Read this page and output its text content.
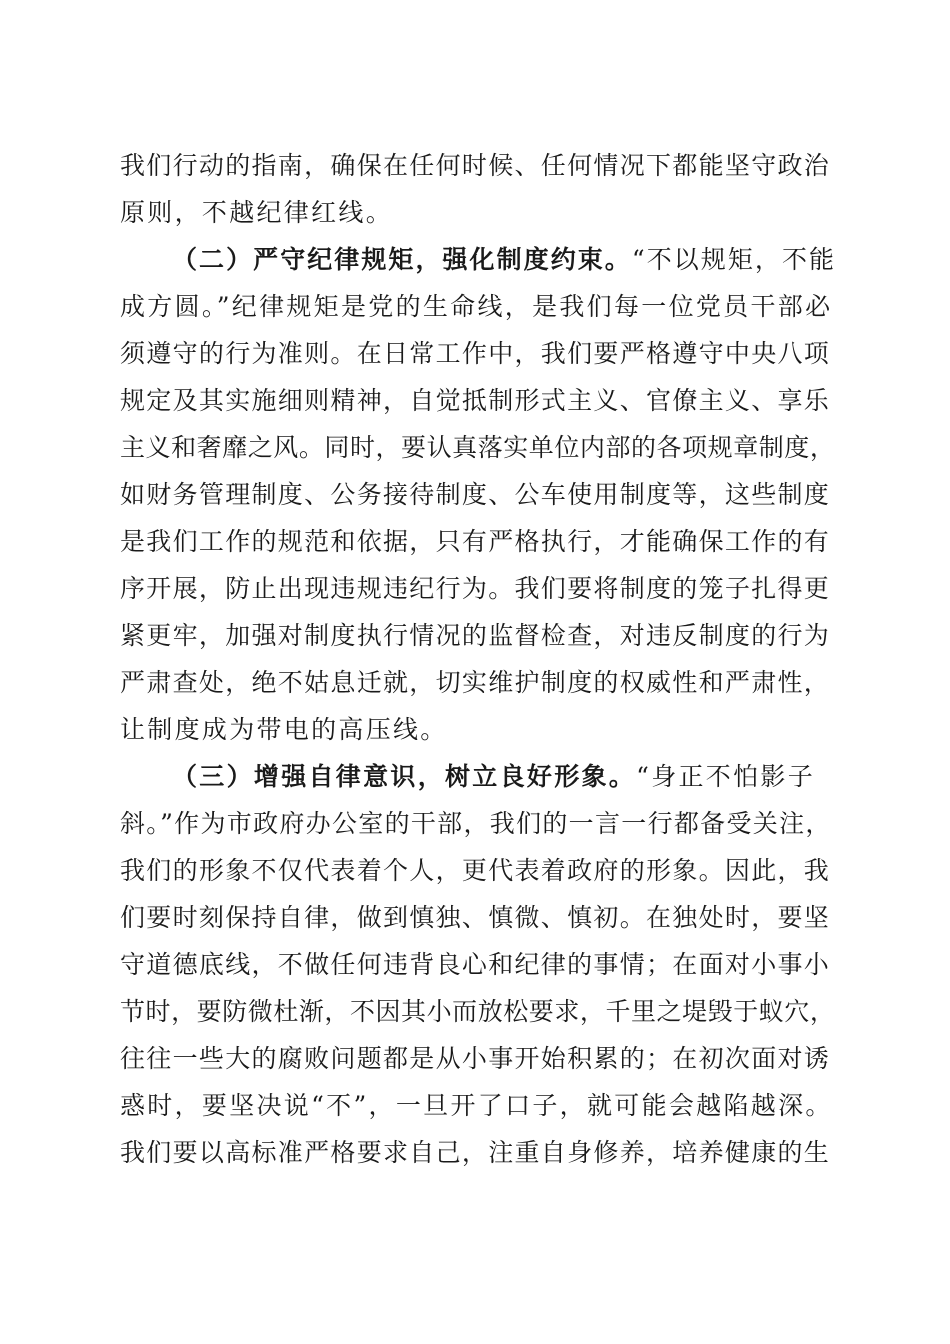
我们行动的指南，确保在任何时候、任何情况下都能坚守政治
原则，不越纪律红线。
（二）严守纪律规矩，强化制度约束。“不以规矩，不能
成方圆。”纪律规矩是党的生命线，是我们每一位党员干部必
须遵守的行为准则。在日常工作中，我们要严格遵守中央八项
规定及其实施细则精神，自觉抵制形式主义、官僚主义、享乐
主义和奢靡之风。同时，要认真落实单位内部的各项规章制度，
如财务管理制度、公务接待制度、公车使用制度等，这些制度
是我们工作的规范和依据，只有严格执行，才能确保工作的有
序开展，防止出现违规违纪行为。我们要将制度的笼子扎得更
紧更牢，加强对制度执行情况的监督检查，对违反制度的行为
严肃查处，绝不姑息迁就，切实维护制度的权威性和严肃性，
让制度成为带电的高压线。
（三）增强自律意识，树立良好形象。“身正不怕影子
斜。”作为市政府办公室的干部，我们的一言一行都备受关注，
我们的形象不仅代表着个人，更代表着政府的形象。因此，我
们要时刻保持自律，做到慎独、慎微、慎初。在独处时，要坚
守道德底线，不做任何违背良心和纪律的事情；在面对小事小
节时，要防微杜渐，不因其小而放松要求，千里之堤毁于蚁穴，
往往一些大的腐败问题都是从小事开始积累的；在初次面对诱
惑时，要坚决说“不”，一旦开了口子，就可能会越陷越深。
我们要以高标准严格要求自己，注重自身修养，培养健康的生
